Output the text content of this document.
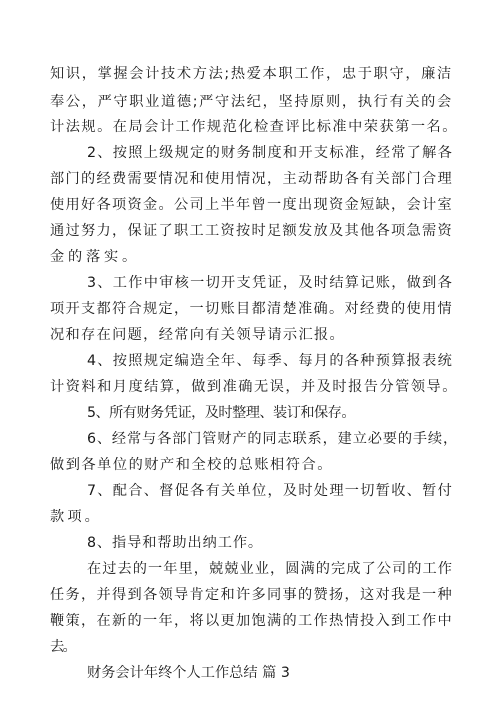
知识，掌握会计技术方法;热爱本职工作，忠于职守，廉洁
奉公，严守职业道德;严守法纪，坚持原则，执行有关的会
计法规。在局会计工作规范化检查评比标准中荣获第一名。
2、按照上级规定的财务制度和开支标准，经常了解各
部门的经费需要情况和使用情况，主动帮助各有关部门合理
使用好各项资金。公司上半年曾一度出现资金短缺，会计室
通过努力，保证了职工工资按时足额发放及其他各项急需资
金的落实。
3、工作中审核一切开支凭证，及时结算记账，做到各
项开支都符合规定，一切账目都清楚准确。对经费的使用情
况和存在问题，经常向有关领导请示汇报。
4、按照规定编造全年、每季、每月的各种预算报表统
计资料和月度结算，做到准确无误，并及时报告分管领导。
5、所有财务凭证，及时整理、装订和保存。
6、经常与各部门管财产的同志联系，建立必要的手续，
做到各单位的财产和全校的总账相符合。
7、配合、督促各有关单位，及时处理一切暂收、暂付
款项。
8、指导和帮助出纳工作。
在过去的一年里，兢兢业业，圆满的完成了公司的工作
任务，并得到各领导肯定和许多同事的赞扬，这对我是一种
鞭策，在新的一年，将以更加饱满的工作热情投入到工作中
去。
财务会计年终个人工作总结 篇 3
